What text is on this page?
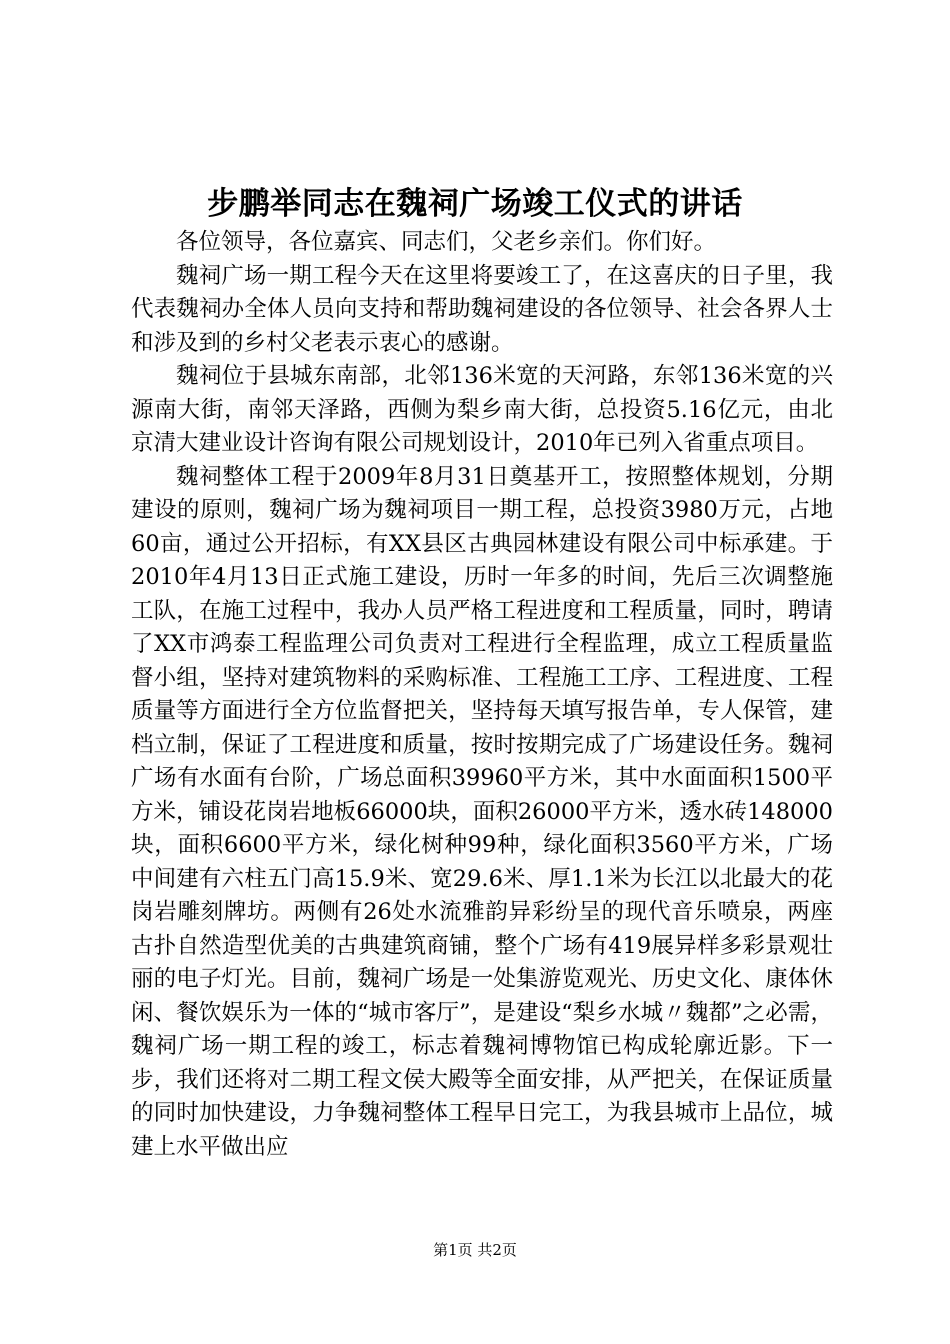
步鹏举同志在魏祠广场竣工仪式的讲话

各位领导，各位嘉宾、同志们，父老乡亲们。你们好。

魏祠广场一期工程今天在这里将要竣工了，在这喜庆的日子里，我代表魏祠办全体人员向支持和帮助魏祠建设的各位领导、社会各界人士和涉及到的乡村父老表示衷心的感谢。

魏祠位于县城东南部，北邻136米宽的天河路，东邻136米宽的兴源南大街，南邻天泽路，西侧为梨乡南大街，总投资5.16亿元，由北京清大建业设计咨询有限公司规划设计，2010年已列入省重点项目。

魏祠整体工程于2009年8月31日奠基开工，按照整体规划，分期建设的原则，魏祠广场为魏祠项目一期工程，总投资3980万元，占地60亩，通过公开招标，有XX县区古典园林建设有限公司中标承建。于2010年4月13日正式施工建设，历时一年多的时间，先后三次调整施工队，在施工过程中，我办人员严格工程进度和工程质量，同时，聘请了XX市鸿泰工程监理公司负责对工程进行全程监理，成立工程质量监督小组，坚持对建筑物料的采购标准、工程施工工序、工程进度、工程质量等方面进行全方位监督把关，坚持每天填写报告单，专人保管，建档立制，保证了工程进度和质量，按时按期完成了广场建设任务。魏祠广场有水面有台阶，广场总面积39960平方米，其中水面面积1500平方米，铺设花岗岩地板66000块，面积26000平方米，透水砖148000块，面积6600平方米，绿化树种99种，绿化面积3560平方米，广场中间建有六柱五门高15.9米、宽29.6米、厚1.1米为长江以北最大的花岗岩雕刻牌坊。两侧有26处水流雅韵异彩纷呈的现代音乐喷泉，两座古扑自然造型优美的古典建筑商铺，整个广场有419展异样多彩景观壮丽的电子灯光。目前，魏祠广场是一处集游览观光、历史文化、康体休闲、餐饮娱乐为一体的“城市客厅”，是建设“梨乡水城〃魏都”之必需，魏祠广场一期工程的竣工，标志着魏祠博物馆已构成轮廓近影。下一步，我们还将对二期工程文侯大殿等全面安排，从严把关，在保证质量的同时加快建设，力争魏祠整体工程早日完工，为我县城市上品位，城建上水平做出应

第1页 共2页
